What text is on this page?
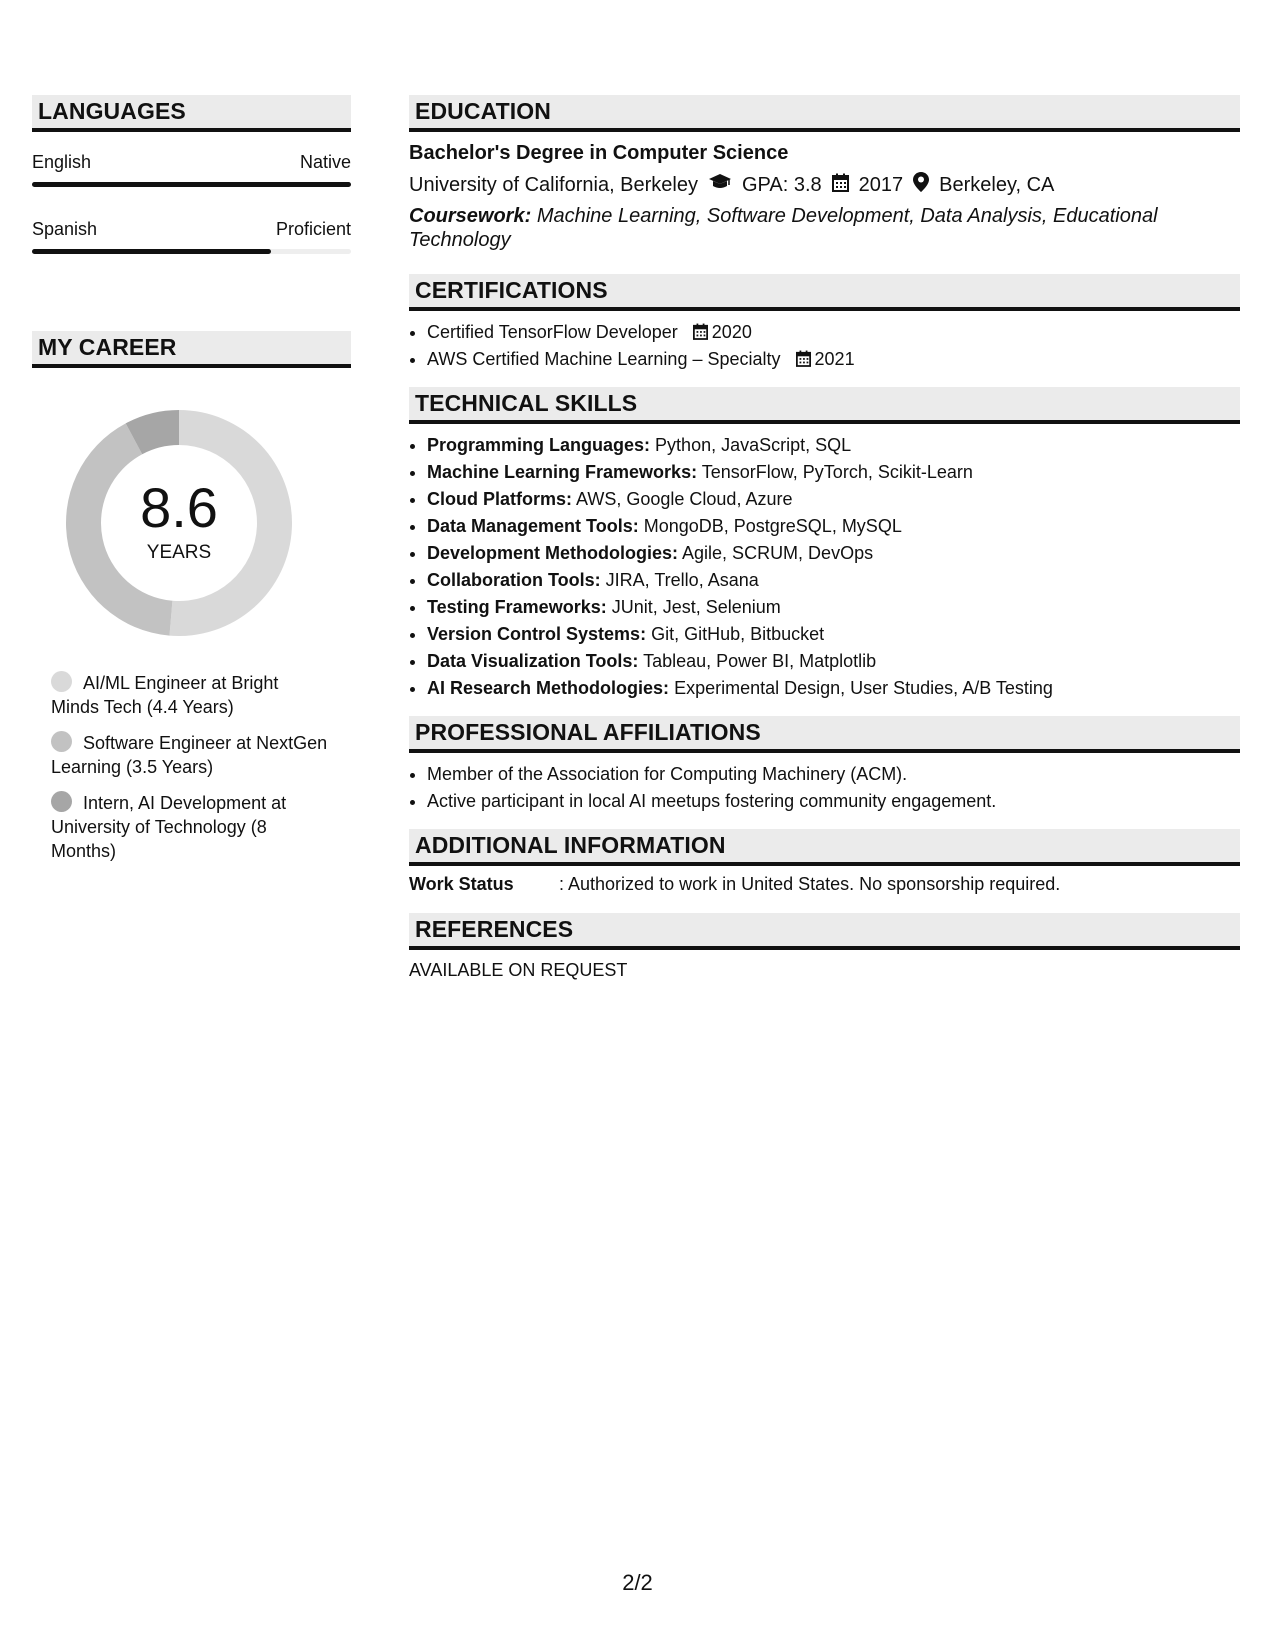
LANGUAGES
English	Native
Spanish	Proficient
MY CAREER
8.6
YEARS
AI/ML Engineer at Bright Minds Tech (4.4 Years)
Software Engineer at NextGen Learning (3.5 Years)
Intern, AI Development at University of Technology (8 Months)
EDUCATION
Bachelor's Degree in Computer Science
University of California, Berkeley GPA: 3.8 2017 Berkeley, CA
Coursework: Machine Learning, Software Development, Data Analysis, Educational Technology
CERTIFICATIONS
• Certified TensorFlow Developer 2020
• AWS Certified Machine Learning – Specialty 2021
TECHNICAL SKILLS
• Programming Languages: Python, JavaScript, SQL
• Machine Learning Frameworks: TensorFlow, PyTorch, Scikit-Learn
• Cloud Platforms: AWS, Google Cloud, Azure
• Data Management Tools: MongoDB, PostgreSQL, MySQL
• Development Methodologies: Agile, SCRUM, DevOps
• Collaboration Tools: JIRA, Trello, Asana
• Testing Frameworks: JUnit, Jest, Selenium
• Version Control Systems: Git, GitHub, Bitbucket
• Data Visualization Tools: Tableau, Power BI, Matplotlib
• AI Research Methodologies: Experimental Design, User Studies, A/B Testing
PROFESSIONAL AFFILIATIONS
• Member of the Association for Computing Machinery (ACM).
• Active participant in local AI meetups fostering community engagement.
ADDITIONAL INFORMATION
Work Status	: Authorized to work in United States. No sponsorship required.
REFERENCES
AVAILABLE ON REQUEST
2/2
